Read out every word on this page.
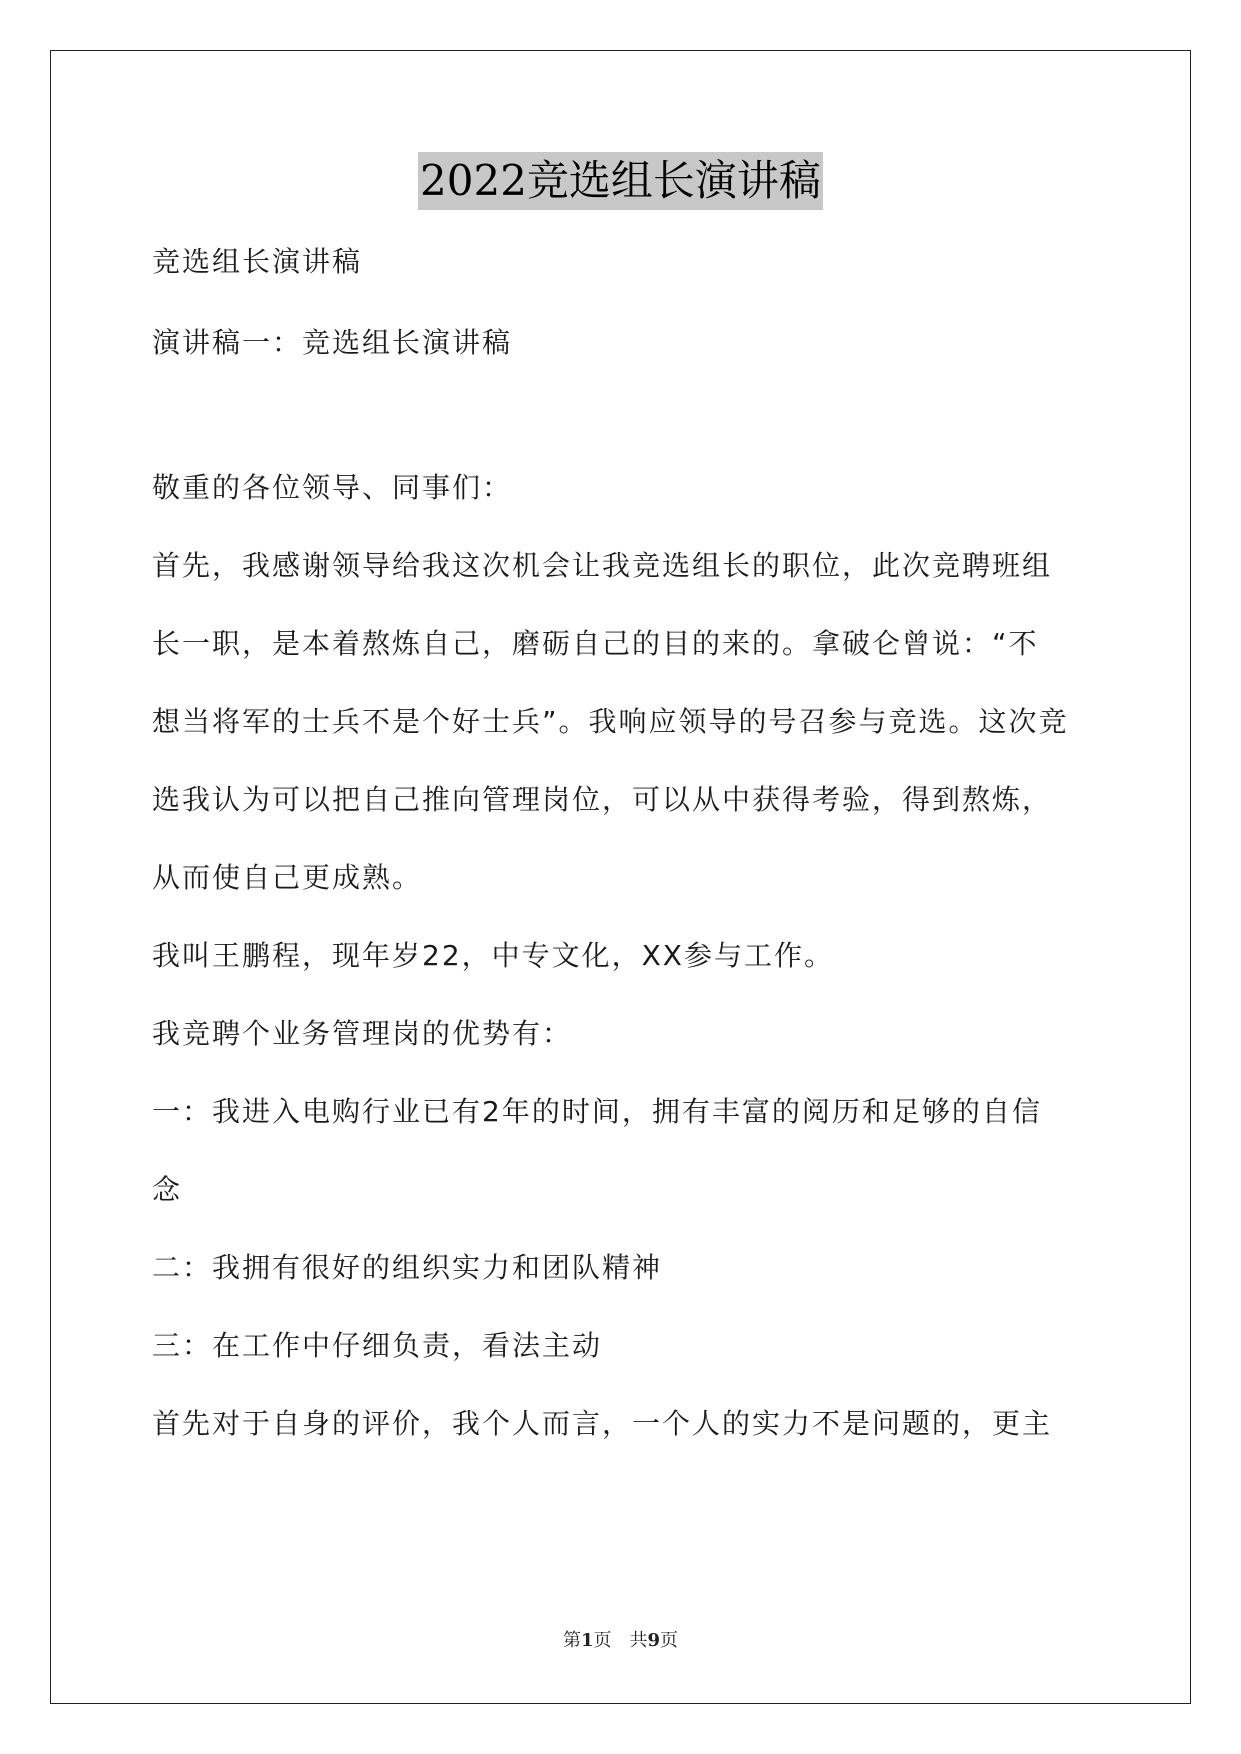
2022竞选组长演讲稿
竞选组长演讲稿
演讲稿一：竞选组长演讲稿
敬重的各位领导、同事们：
首先，我感谢领导给我这次机会让我竞选组长的职位，此次竞聘班组
长一职，是本着熬炼自己，磨砺自己的目的来的。拿破仑曾说：“不
想当将军的士兵不是个好士兵”。我响应领导的号召参与竞选。这次竞
选我认为可以把自己推向管理岗位，可以从中获得考验，得到熬炼，
从而使自己更成熟。
我叫王鹏程，现年岁22，中专文化，XX参与工作。
我竞聘个业务管理岗的优势有：
一：我进入电购行业已有2年的时间，拥有丰富的阅历和足够的自信
念
二：我拥有很好的组织实力和团队精神
三：在工作中仔细负责，看法主动
首先对于自身的评价，我个人而言，一个人的实力不是问题的，更主
第1页　共9页
